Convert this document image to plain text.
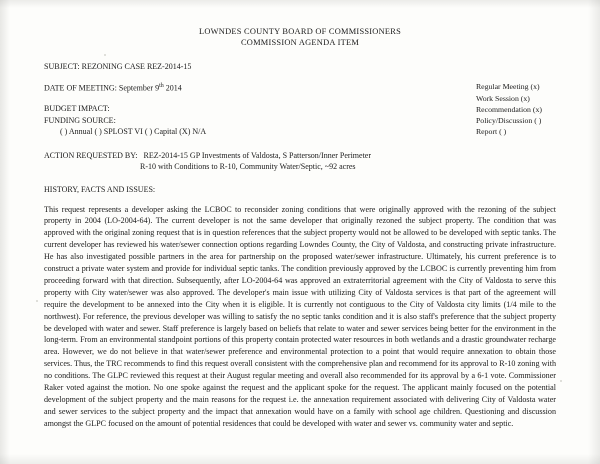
LOWNDES COUNTY BOARD OF COMMISSIONERS
COMMISSION AGENDA ITEM
SUBJECT: REZONING CASE REZ-2014-15
DATE OF MEETING: September 9th 2014
BUDGET IMPACT:
FUNDING SOURCE:
( ) Annual ( ) SPLOST VI ( ) Capital (X) N/A
Regular Meeting (x)
Work Session (x)
Recommendation (x)
Policy/Discussion ( )
Report ( )
ACTION REQUESTED BY: REZ-2014-15 GP Investments of Valdosta, S Patterson/Inner Perimeter
R-10 with Conditions to R-10, Community Water/Septic, ~92 acres
HISTORY, FACTS AND ISSUES:
This request represents a developer asking the LCBOC to reconsider zoning conditions that were originally approved with the rezoning of the subject property in 2004 (LO-2004-64). The current developer is not the same developer that originally rezoned the subject property. The condition that was approved with the original zoning request that is in question references that the subject property would not be allowed to be developed with septic tanks. The current developer has reviewed his water/sewer connection options regarding Lowndes County, the City of Valdosta, and constructing private infrastructure. He has also investigated possible partners in the area for partnership on the proposed water/sewer infrastructure. Ultimately, his current preference is to construct a private water system and provide for individual septic tanks. The condition previously approved by the LCBOC is currently preventing him from proceeding forward with that direction. Subsequently, after LO-2004-64 was approved an extraterritorial agreement with the City of Valdosta to serve this property with City water/sewer was also approved. The developer's main issue with utilizing City of Valdosta services is that part of the agreement will require the development to be annexed into the City when it is eligible. It is currently not contiguous to the City of Valdosta city limits (1/4 mile to the northwest). For reference, the previous developer was willing to satisfy the no septic tanks condition and it is also staff's preference that the subject property be developed with water and sewer. Staff preference is largely based on beliefs that relate to water and sewer services being better for the environment in the long-term. From an environmental standpoint portions of this property contain protected water resources in both wetlands and a drastic groundwater recharge area. However, we do not believe in that water/sewer preference and environmental protection to a point that would require annexation to obtain those services. Thus, the TRC recommends to find this request overall consistent with the comprehensive plan and recommend for its approval to R-10 zoning with no conditions. The GLPC reviewed this request at their August regular meeting and overall also recommended for its approval by a 6-1 vote. Commissioner Raker voted against the motion. No one spoke against the request and the applicant spoke for the request. The applicant mainly focused on the potential development of the subject property and the main reasons for the request i.e. the annexation requirement associated with delivering City of Valdosta water and sewer services to the subject property and the impact that annexation would have on a family with school age children. Questioning and discussion amongst the GLPC focused on the amount of potential residences that could be developed with water and sewer vs. community water and septic.
